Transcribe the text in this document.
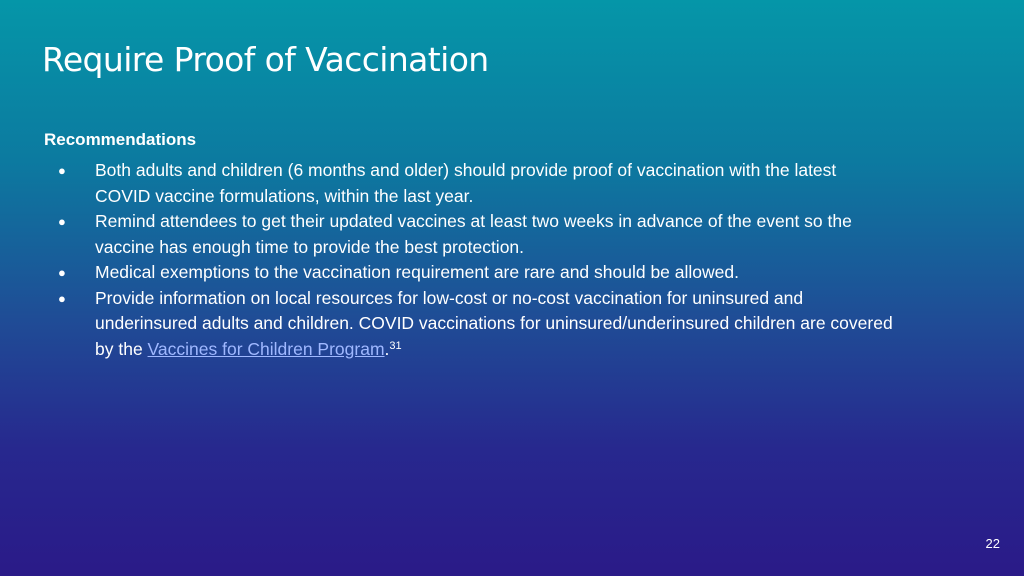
Require Proof of Vaccination
Recommendations
● Both adults and children (6 months and older) should provide proof of vaccination with the latest COVID vaccine formulations, within the last year.
● Remind attendees to get their updated vaccines at least two weeks in advance of the event so the vaccine has enough time to provide the best protection.
● Medical exemptions to the vaccination requirement are rare and should be allowed.
● Provide information on local resources for low-cost or no-cost vaccination for uninsured and underinsured adults and children. COVID vaccinations for uninsured/underinsured children are covered by the Vaccines for Children Program.$^{31}$
22
